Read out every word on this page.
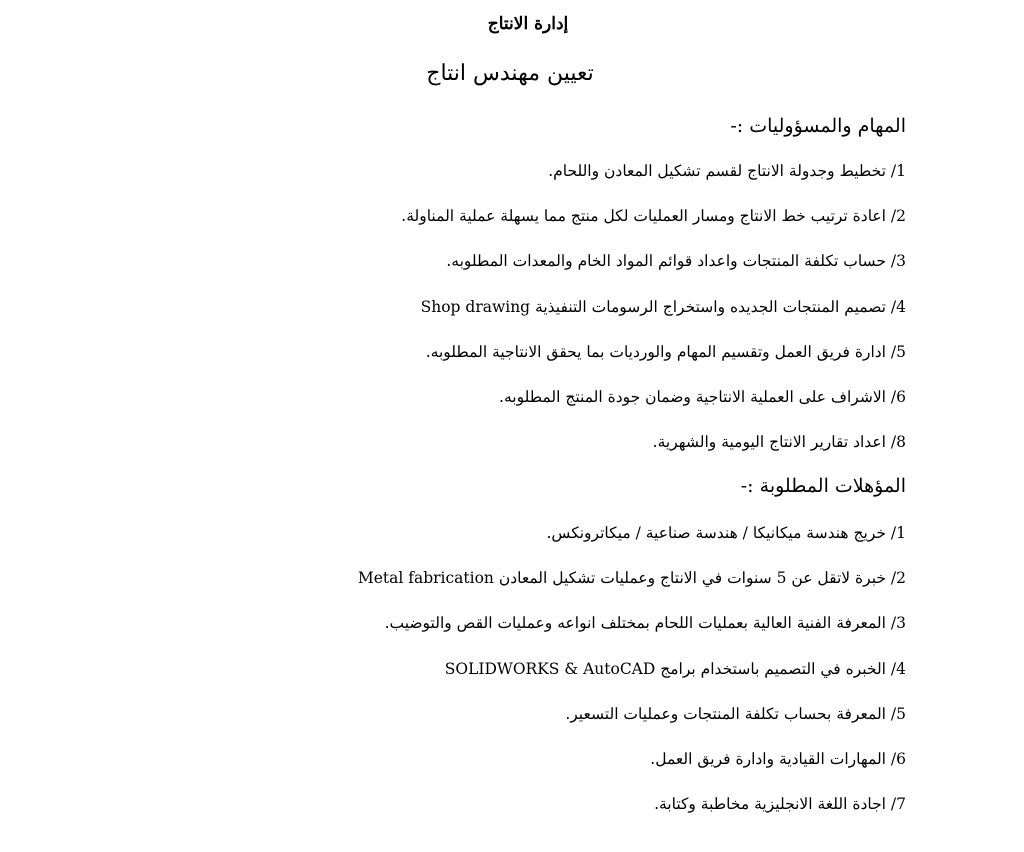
إدارة الانتاج
تعيين مهندس انتاج
المهام والمسؤوليات :-
1/ تخطيط وجدولة الانتاج لقسم تشكيل المعادن واللحام.
2/ اعادة ترتيب خط الانتاج ومسار العمليات لكل منتج مما يسهلة عملية المناولة.
3/ حساب تكلفة المنتجات واعداد قوائم المواد الخام والمعدات المطلوبه.
4/ تصميم المنتجات الجديده واستخراج الرسومات التنفيذية Shop drawing
5/ ادارة فريق العمل وتقسيم المهام والورديات بما يحقق الانتاجية المطلوبه.
6/ الاشراف على العملية الانتاجية وضمان جودة المنتج المطلوبه.
8/ اعداد تقارير الانتاج اليومية والشهرية.
المؤهلات المطلوبة :-
1/ خريج هندسة ميكانيكا / هندسة صناعية / ميكاترونكس.
2/ خبرة لاتقل عن 5 سنوات في الانتاج وعمليات تشكيل المعادن Metal fabrication
3/ المعرفة الفنية العالية بعمليات اللحام بمختلف انواعه وعمليات القص والتوضيب.
4/ الخبره في التصميم باستخدام برامج SOLIDWORKS & AutoCAD
5/ المعرفة بحساب تكلفة المنتجات وعمليات التسعير.
6/ المهارات القيادية وادارة فريق العمل.
7/ اجادة اللغة الانجليزية مخاطبة وكتابة.
